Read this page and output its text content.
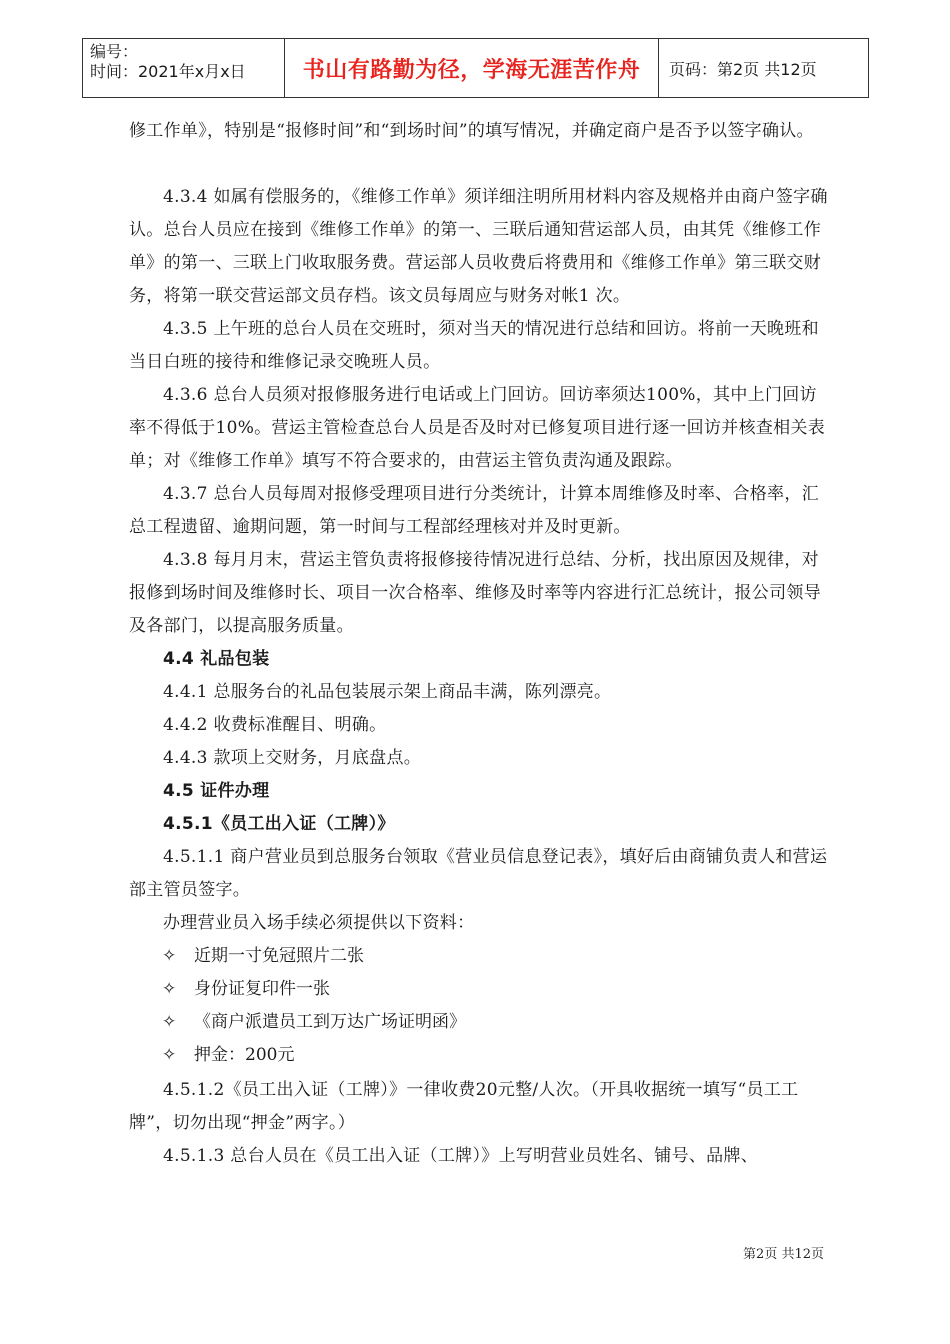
编号：
时间：2021年x月x日	书山有路勤为径，学海无涯苦作舟	页码：第2页 共12页
修工作单》，特别是“报修时间”和“到场时间”的填写情况，并确定商户是否予以签字确认。
4.3.4 如属有偿服务的，《维修工作单》须详细注明所用材料内容及规格并由商户签字确认。总台人员应在接到《维修工作单》的第一、三联后通知营运部人员，由其凭《维修工作单》的第一、三联上门收取服务费。营运部人员收费后将费用和《维修工作单》第三联交财务，将第一联交营运部文员存档。该文员每周应与财务对帐1 次。
4.3.5 上午班的总台人员在交班时，须对当天的情况进行总结和回访。将前一天晚班和当日白班的接待和维修记录交晚班人员。
4.3.6 总台人员须对报修服务进行电话或上门回访。回访率须达100%，其中上门回访率不得低于10%。营运主管检查总台人员是否及时对已修复项目进行逐一回访并核查相关表单；对《维修工作单》填写不符合要求的，由营运主管负责沟通及跟踪。
4.3.7 总台人员每周对报修受理项目进行分类统计，计算本周维修及时率、合格率，汇总工程遗留、逾期问题，第一时间与工程部经理核对并及时更新。
4.3.8 每月月末，营运主管负责将报修接待情况进行总结、分析，找出原因及规律，对报修到场时间及维修时长、项目一次合格率、维修及时率等内容进行汇总统计，报公司领导及各部门，以提高服务质量。
4.4 礼品包装
4.4.1 总服务台的礼品包装展示架上商品丰满，陈列漂亮。
4.4.2 收费标准醒目、明确。
4.4.3 款项上交财务，月底盘点。
4.5 证件办理
4.5.1《员工出入证（工牌）》
4.5.1.1 商户营业员到总服务台领取《营业员信息登记表》，填好后由商铺负责人和营运部主管员签字。
办理营业员入场手续必须提供以下资料：
✧ 近期一寸免冠照片二张
✧ 身份证复印件一张
✧ 《商户派遣员工到万达广场证明函》
✧ 押金：200元
4.5.1.2《员工出入证（工牌）》一律收费20元整/人次。（开具收据统一填写“员工工牌”，切勿出现“押金”两字。）
4.5.1.3 总台人员在《员工出入证（工牌）》上写明营业员姓名、铺号、品牌、
第2页 共12页
